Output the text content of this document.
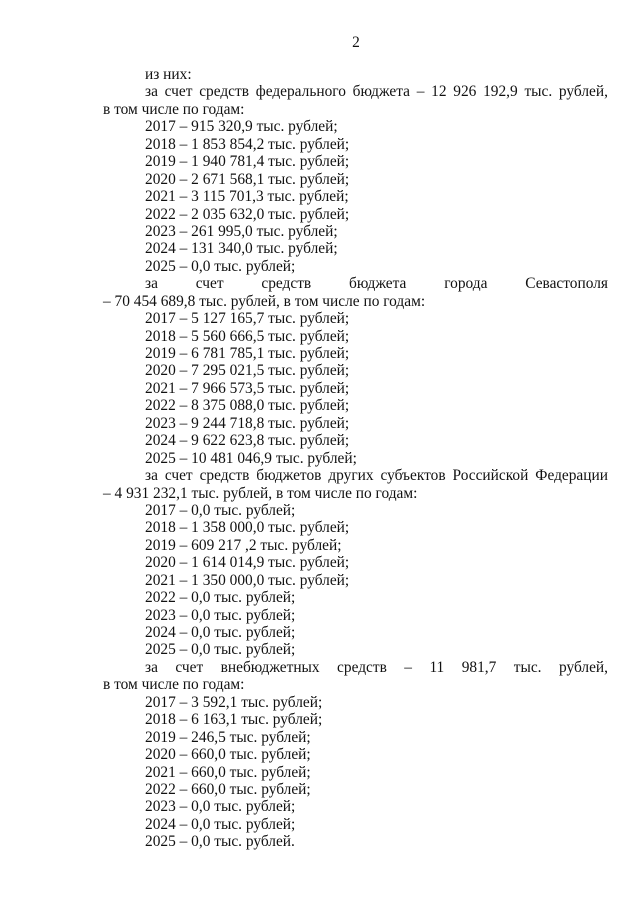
2
из них:
за счет средств федерального бюджета – 12 926 192,9 тыс. рублей,
в том числе по годам:
2017 – 915 320,9 тыс. рублей;
2018 – 1 853 854,2 тыс. рублей;
2019 – 1 940 781,4 тыс. рублей;
2020 – 2 671 568,1 тыс. рублей;
2021 – 3 115 701,3 тыс. рублей;
2022 – 2 035 632,0 тыс. рублей;
2023 – 261 995,0 тыс. рублей;
2024 – 131 340,0 тыс. рублей;
2025 – 0,0 тыс. рублей;
за счет средств бюджета города Севастополя
– 70 454 689,8 тыс. рублей, в том числе по годам:
2017 – 5 127 165,7 тыс. рублей;
2018 – 5 560 666,5 тыс. рублей;
2019 – 6 781 785,1 тыс. рублей;
2020 – 7 295 021,5 тыс. рублей;
2021 – 7 966 573,5 тыс. рублей;
2022 – 8 375 088,0 тыс. рублей;
2023 – 9 244 718,8 тыс. рублей;
2024 – 9 622 623,8 тыс. рублей;
2025 – 10 481 046,9 тыс. рублей;
за счет средств бюджетов других субъектов Российской Федерации
– 4 931 232,1 тыс. рублей, в том числе по годам:
2017 – 0,0 тыс. рублей;
2018 – 1 358 000,0 тыс. рублей;
2019 – 609 217 ,2 тыс. рублей;
2020 – 1 614 014,9 тыс. рублей;
2021 – 1 350 000,0 тыс. рублей;
2022 – 0,0 тыс. рублей;
2023 – 0,0 тыс. рублей;
2024 – 0,0 тыс. рублей;
2025 – 0,0 тыс. рублей;
за счет внебюджетных средств – 11 981,7 тыс. рублей,
в том числе по годам:
2017 – 3 592,1 тыс. рублей;
2018 – 6 163,1 тыс. рублей;
2019 – 246,5 тыс. рублей;
2020 – 660,0 тыс. рублей;
2021 – 660,0 тыс. рублей;
2022 – 660,0 тыс. рублей;
2023 – 0,0 тыс. рублей;
2024 – 0,0 тыс. рублей;
2025 – 0,0 тыс. рублей.
